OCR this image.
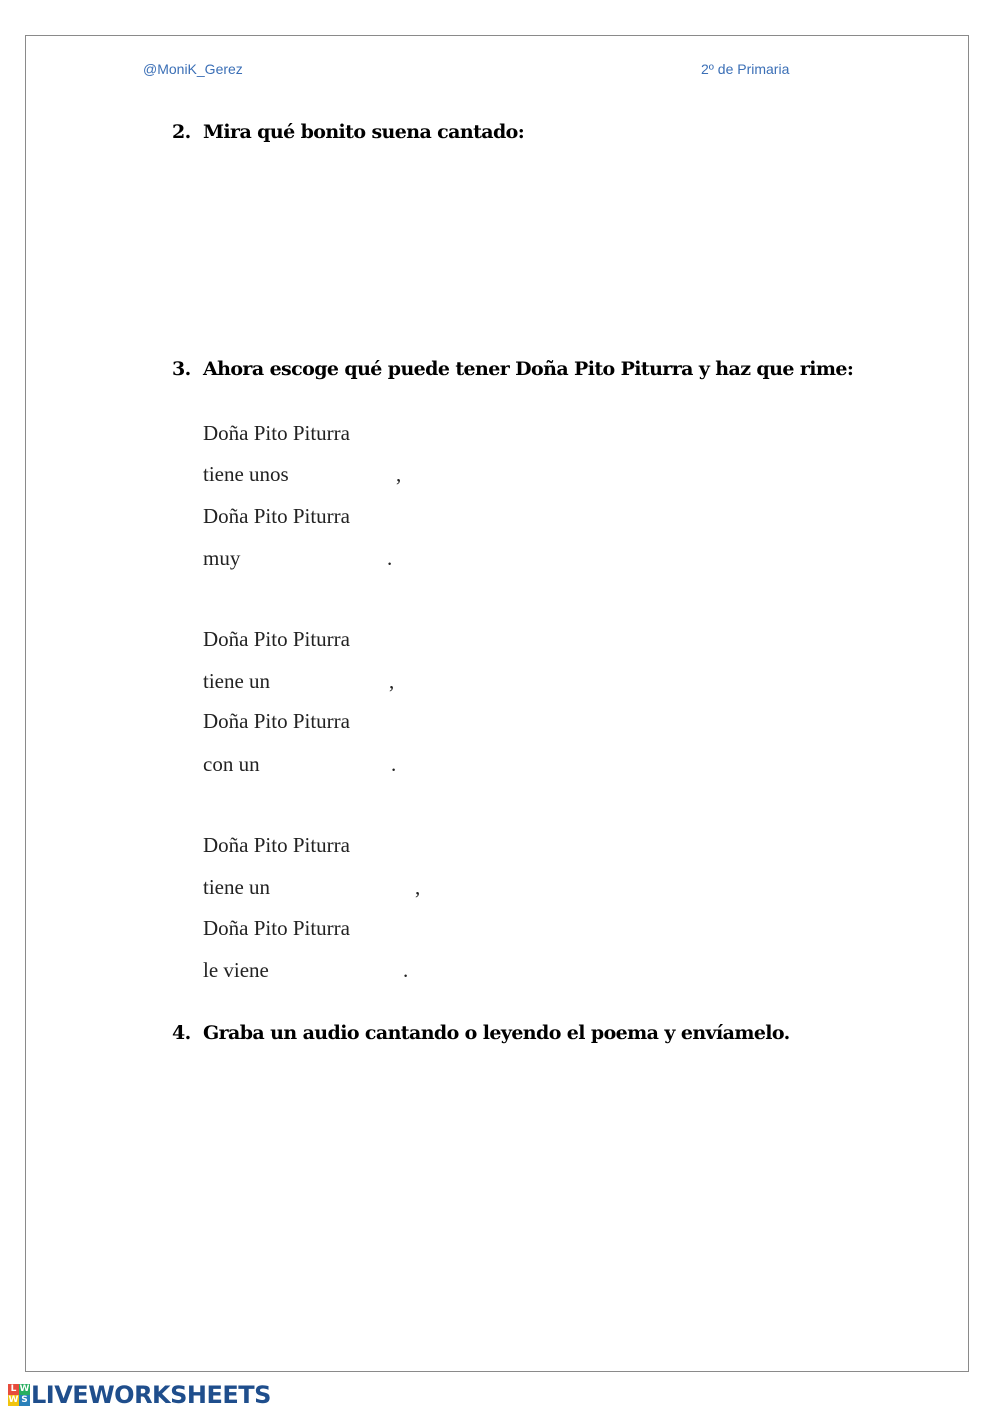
@MoniK_Gerez	2º de Primaria
2. Mira qué bonito suena cantado:
3. Ahora escoge qué puede tener Doña Pito Piturra y haz que rime:
Doña Pito Piturra
tiene unos	,
Doña Pito Piturra
muy	.
Doña Pito Piturra
tiene un	,
Doña Pito Piturra
con un	.
Doña Pito Piturra
tiene un	,
Doña Pito Piturra
le viene	.
4. Graba un audio cantando o leyendo el poema y envíamelo.
L W
W S LIVEWORKSHEETS
